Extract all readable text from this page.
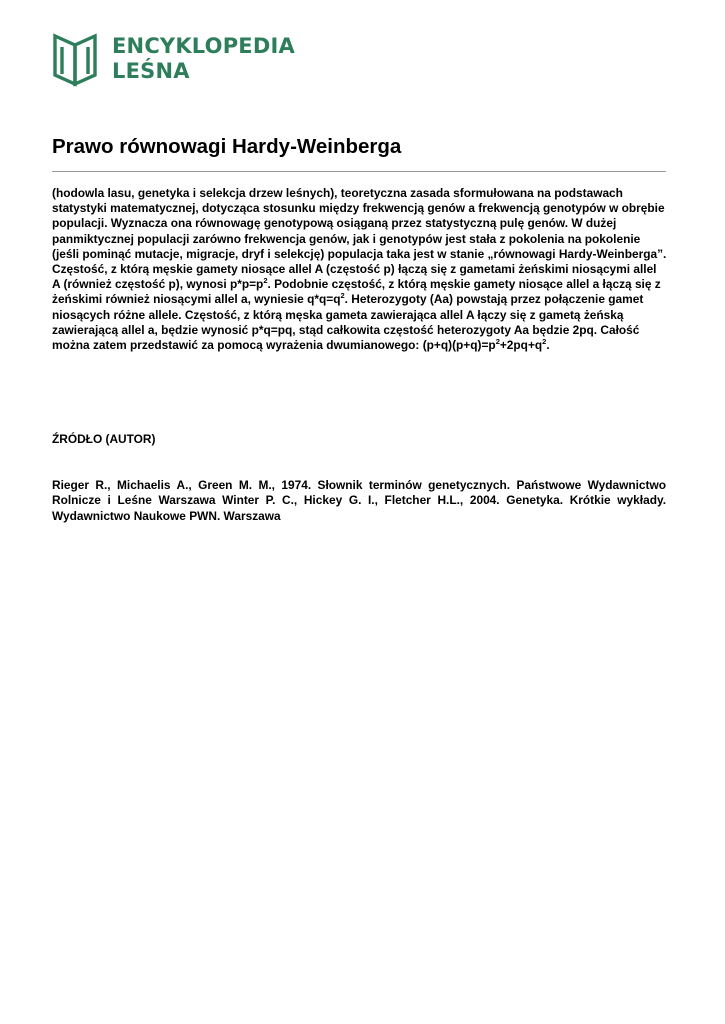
ENCYKLOPEDIA
LEŚNA
Prawo równowagi Hardy-Weinberga

(hodowla lasu, genetyka i selekcja drzew leśnych), teoretyczna zasada sformułowana na podstawach statystyki matematycznej, dotycząca stosunku między frekwencją genów a frekwencją genotypów w obrębie populacji. Wyznacza ona równowagę genotypową osiąganą przez statystyczną pulę genów. W dużej panmiktycznej populacji zarówno frekwencja genów, jak i genotypów jest stała z pokolenia na pokolenie (jeśli pominąć mutacje, migracje, dryf i selekcję) populacja taka jest w stanie „równowagi Hardy-Weinberga”. Częstość, z którą męskie gamety niosące allel A (częstość p) łączą się z gametami żeńskimi niosącymi allel A (również częstość p), wynosi $p*p=p^2$. Podobnie częstość, z którą męskie gamety niosące allel a łączą się z żeńskimi również niosącymi allel a, wyniesie $q*q=q^2$. Heterozygoty (Aa) powstają przez połączenie gamet niosących różne allele. Częstość, z którą męska gameta zawierająca allel A łączy się z gametą żeńską zawierającą allel a, będzie wynosić p*q=pq, stąd całkowita częstość heterozygoty Aa będzie 2pq. Całość można zatem przedstawić za pomocą wyrażenia dwumianowego: $(p+q)(p+q)=p^2+2pq+q^2$.

ŹRÓDŁO (AUTOR)

Rieger R., Michaelis A., Green M. M., 1974. Słownik terminów genetycznych. Państwowe Wydawnictwo Rolnicze i Leśne Warszawa Winter P. C., Hickey G. I., Fletcher H.L., 2004. Genetyka. Krótkie wykłady. Wydawnictwo Naukowe PWN. Warszawa
